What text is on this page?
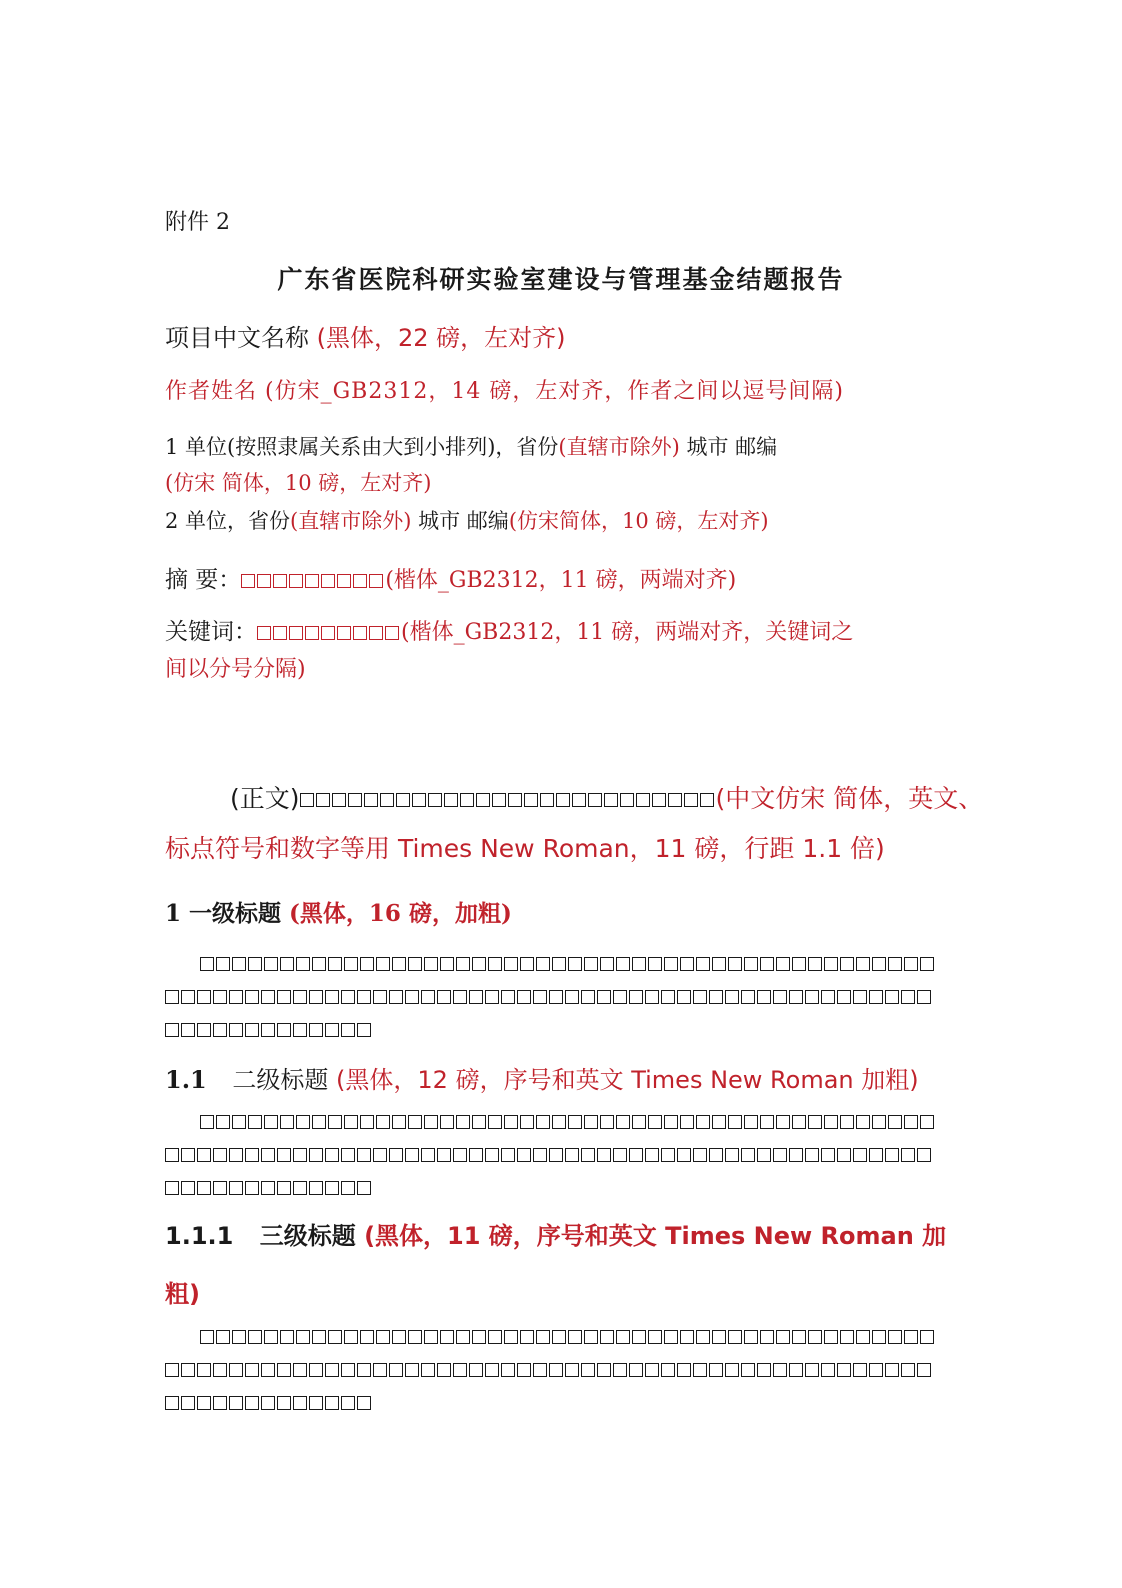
附件 2
广东省医院科研实验室建设与管理基金结题报告
项目中文名称 (黑体，22 磅，左对齐)
作者姓名 (仿宋_GB2312，14 磅，左对齐，作者之间以逗号间隔)
1 单位(按照隶属关系由大到小排列)，省份(直辖市除外) 城市 邮编
(仿宋 简体，10 磅，左对齐)
2 单位，省份(直辖市除外) 城市 邮编(仿宋简体，10 磅，左对齐)
摘 要：	(楷体_GB2312，11 磅，两端对齐)
关键词：	(楷体_GB2312，11 磅，两端对齐，关键词之
间以分号分隔)
(正文)	(中文仿宋 简体，英文、
标点符号和数字等用 Times New Roman，11 磅，行距 1.1 倍)
1 一级标题 (黑体，16 磅，加粗)
1.1 二级标题 (黑体，12 磅，序号和英文 Times New Roman 加粗)
1.1.1 三级标题 (黑体，11 磅，序号和英文 Times New Roman 加
粗)
